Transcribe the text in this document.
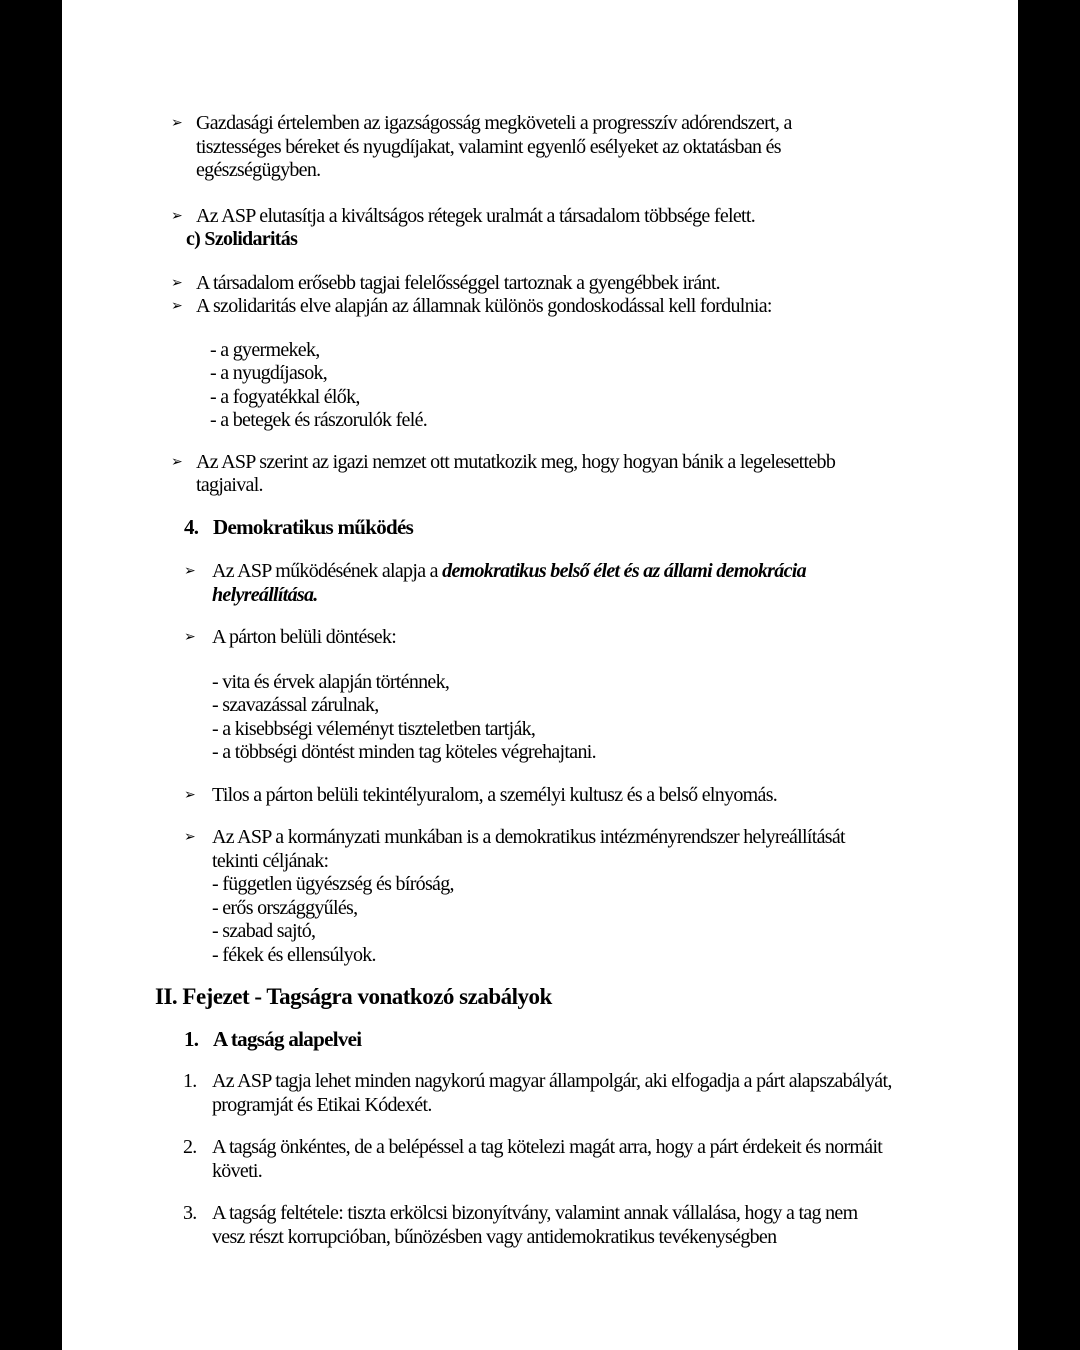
➢ Gazdasági értelemben az igazságosság megköveteli a progresszív adórendszert, a
tisztességes béreket és nyugdíjakat, valamint egyenlő esélyeket az oktatásban és
egészségügyben.
➢ Az ASP elutasítja a kiváltságos rétegek uralmát a társadalom többsége felett.
c) Szolidaritás
➢ A társadalom erősebb tagjai felelősséggel tartoznak a gyengébbek iránt.
➢ A szolidaritás elve alapján az államnak különös gondoskodással kell fordulnia:
- a gyermekek,
- a nyugdíjasok,
- a fogyatékkal élők,
- a betegek és rászorulók felé.
➢ Az ASP szerint az igazi nemzet ott mutatkozik meg, hogy hogyan bánik a legelesettebb
tagjaival.
4. Demokratikus működés
➢ Az ASP működésének alapja a demokratikus belső élet és az állami demokrácia
helyreállítása.
➢ A párton belüli döntések:
- vita és érvek alapján történnek,
- szavazással zárulnak,
- a kisebbségi véleményt tiszteletben tartják,
- a többségi döntést minden tag köteles végrehajtani.
➢ Tilos a párton belüli tekintélyuralom, a személyi kultusz és a belső elnyomás.
➢ Az ASP a kormányzati munkában is a demokratikus intézményrendszer helyreállítását
tekinti céljának:
- független ügyészség és bíróság,
- erős országgyűlés,
- szabad sajtó,
- fékek és ellensúlyok.
II. Fejezet - Tagságra vonatkozó szabályok
1. A tagság alapelvei
1. Az ASP tagja lehet minden nagykorú magyar állampolgár, aki elfogadja a párt alapszabályát,
programját és Etikai Kódexét.
2. A tagság önkéntes, de a belépéssel a tag kötelezi magát arra, hogy a párt érdekeit és normáit
követi.
3. A tagság feltétele: tiszta erkölcsi bizonyítvány, valamint annak vállalása, hogy a tag nem
vesz részt korrupcióban, bűnözésben vagy antidemokratikus tevékenységben
